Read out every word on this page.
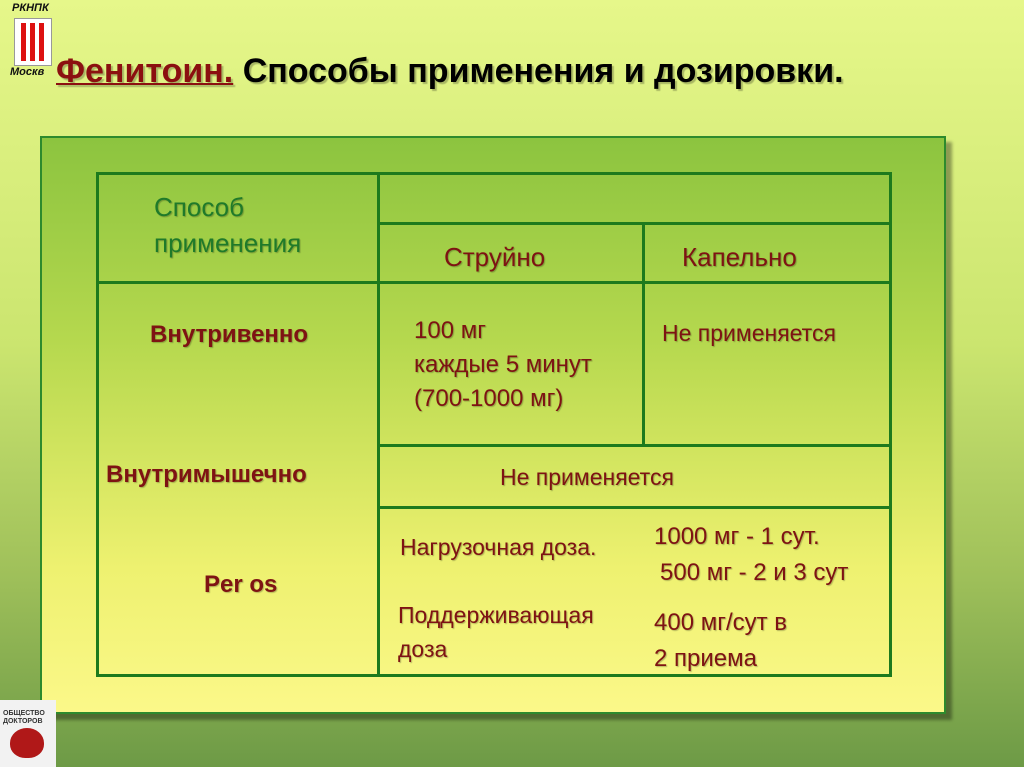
РКНПК
Москв Фенитоин. Способы применения и дозировки.
Способ
применения	Струйно	Капельно
Внутривенно
Внутримышечно
Per os
100 мг
каждые 5 минут
(700-1000 мг)
Не применяется
Не применяется
Нагрузочная доза. 1000 мг - 1 сут.
500 мг - 2 и 3 сут
Поддерживающая
доза
400 мг/сут в
2 приема
ОБЩЕСТВО
ДОКТОРОВ
